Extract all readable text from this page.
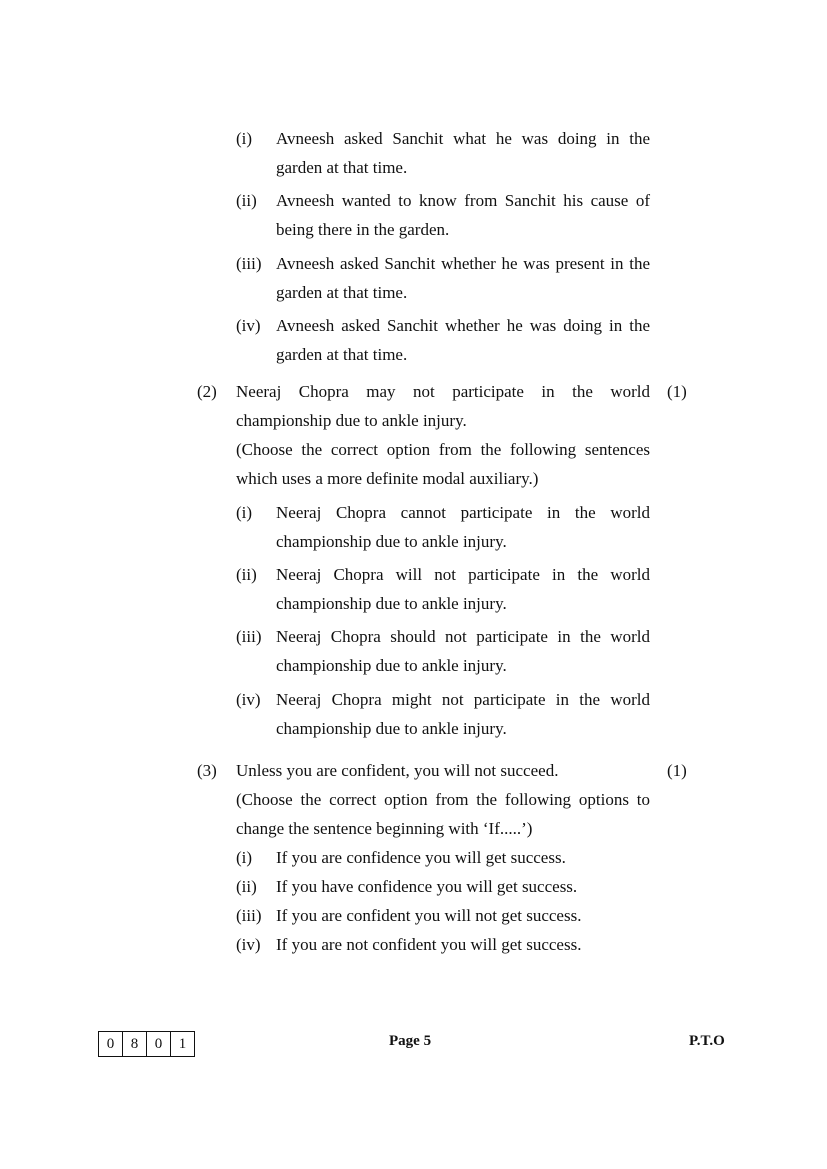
(i) Avneesh asked Sanchit what he was doing in the garden at that time.
(ii) Avneesh wanted to know from Sanchit his cause of being there in the garden.
(iii) Avneesh asked Sanchit whether he was present in the garden at that time.
(iv) Avneesh asked Sanchit whether he was doing in the garden at that time.
(2)	(1)
Neeraj Chopra may not participate in the world championship due to ankle injury.
(Choose the correct option from the following sentences which uses a more definite modal auxiliary.)
(i) Neeraj Chopra cannot participate in the world championship due to ankle injury.
(ii) Neeraj Chopra will not participate in the world championship due to ankle injury.
(iii) Neeraj Chopra should not participate in the world championship due to ankle injury.
(iv) Neeraj Chopra might not participate in the world championship due to ankle injury.
(3)	(1)
Unless you are confident, you will not succeed.
(Choose the correct option from the following options to change the sentence beginning with ‘If.....’)
(i) If you are confidence you will get success.
(ii) If you have confidence you will get success.
(iii) If you are confident you will not get success.
(iv) If you are not confident you will get success.
0	8	0	1	Page 5	P.T.O
